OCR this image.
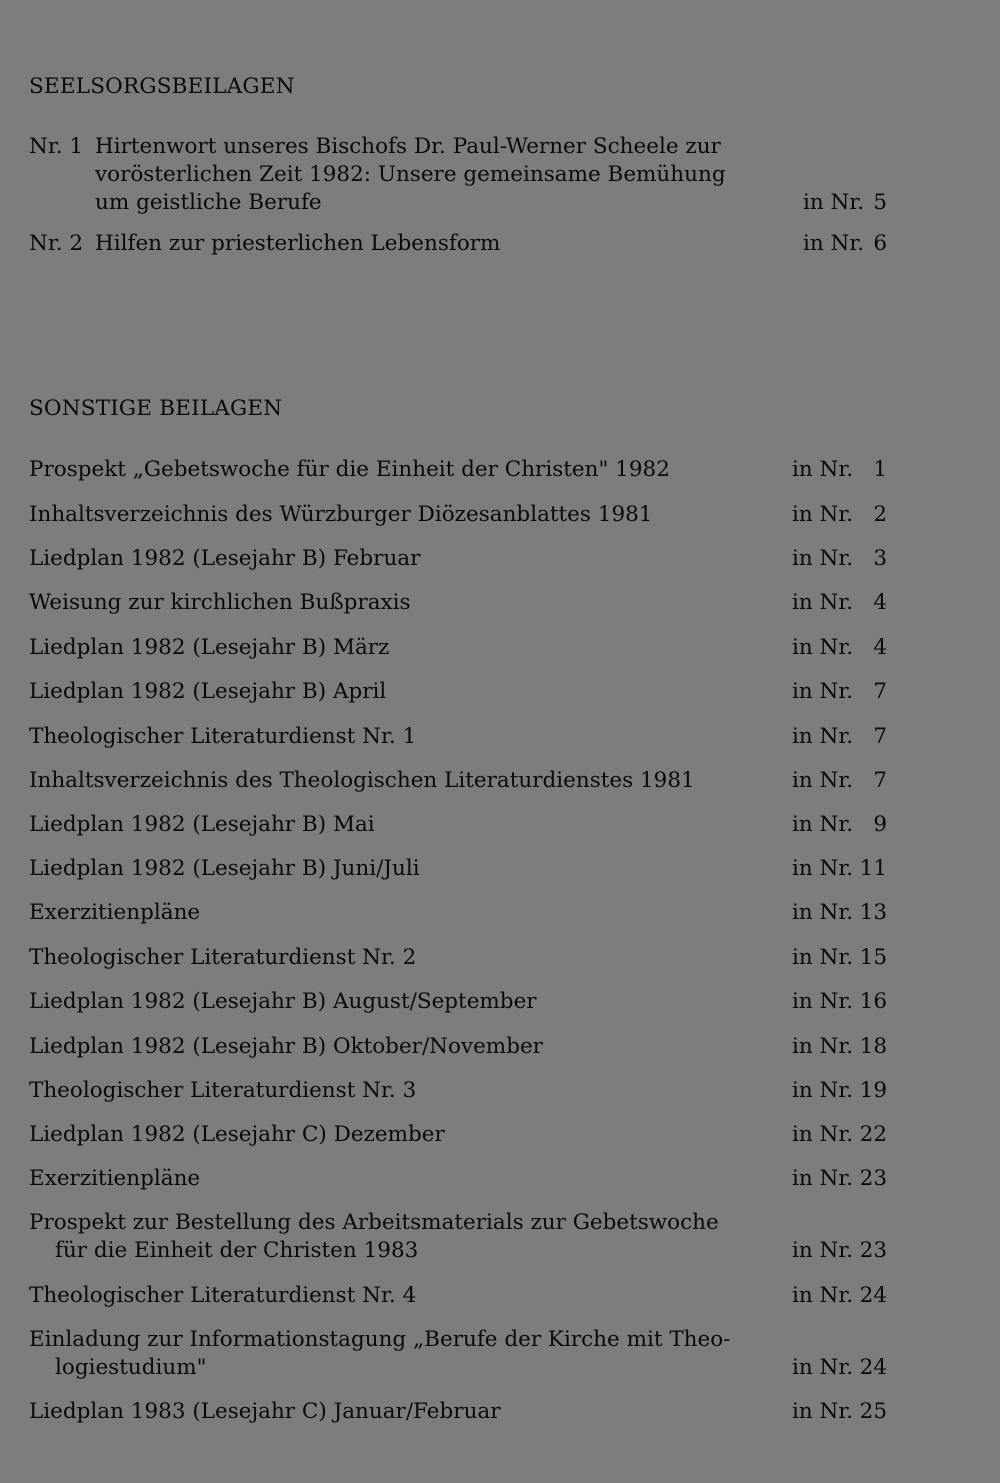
SEELSORGSBEILAGEN
Nr. 1 Hirtenwort unseres Bischofs Dr. Paul-Werner Scheele zur
vorösterlichen Zeit 1982: Unsere gemeinsame Bemühung
um geistliche Berufe	in Nr. 5
Nr. 2 Hilfen zur priesterlichen Lebensform	in Nr. 6
SONSTIGE BEILAGEN
Prospekt „Gebetswoche für die Einheit der Christen" 1982	in Nr. 1
Inhaltsverzeichnis des Würzburger Diözesanblattes 1981	in Nr. 2
Liedplan 1982 (Lesejahr B) Februar	in Nr. 3
Weisung zur kirchlichen Bußpraxis	in Nr. 4
Liedplan 1982 (Lesejahr B) März	in Nr. 4
Liedplan 1982 (Lesejahr B) April	in Nr. 7
Theologischer Literaturdienst Nr. 1	in Nr. 7
Inhaltsverzeichnis des Theologischen Literaturdienstes 1981	in Nr. 7
Liedplan 1982 (Lesejahr B) Mai	in Nr. 9
Liedplan 1982 (Lesejahr B) Juni/Juli	in Nr. 11
Exerzitienpläne	in Nr. 13
Theologischer Literaturdienst Nr. 2	in Nr. 15
Liedplan 1982 (Lesejahr B) August/September	in Nr. 16
Liedplan 1982 (Lesejahr B) Oktober/November	in Nr. 18
Theologischer Literaturdienst Nr. 3	in Nr. 19
Liedplan 1982 (Lesejahr C) Dezember	in Nr. 22
Exerzitienpläne	in Nr. 23
Prospekt zur Bestellung des Arbeitsmaterials zur Gebetswoche
für die Einheit der Christen 1983	in Nr. 23
Theologischer Literaturdienst Nr. 4	in Nr. 24
Einladung zur Informationstagung „Berufe der Kirche mit Theo-
logiestudium"	in Nr. 24
Liedplan 1983 (Lesejahr C) Januar/Februar	in Nr. 25
